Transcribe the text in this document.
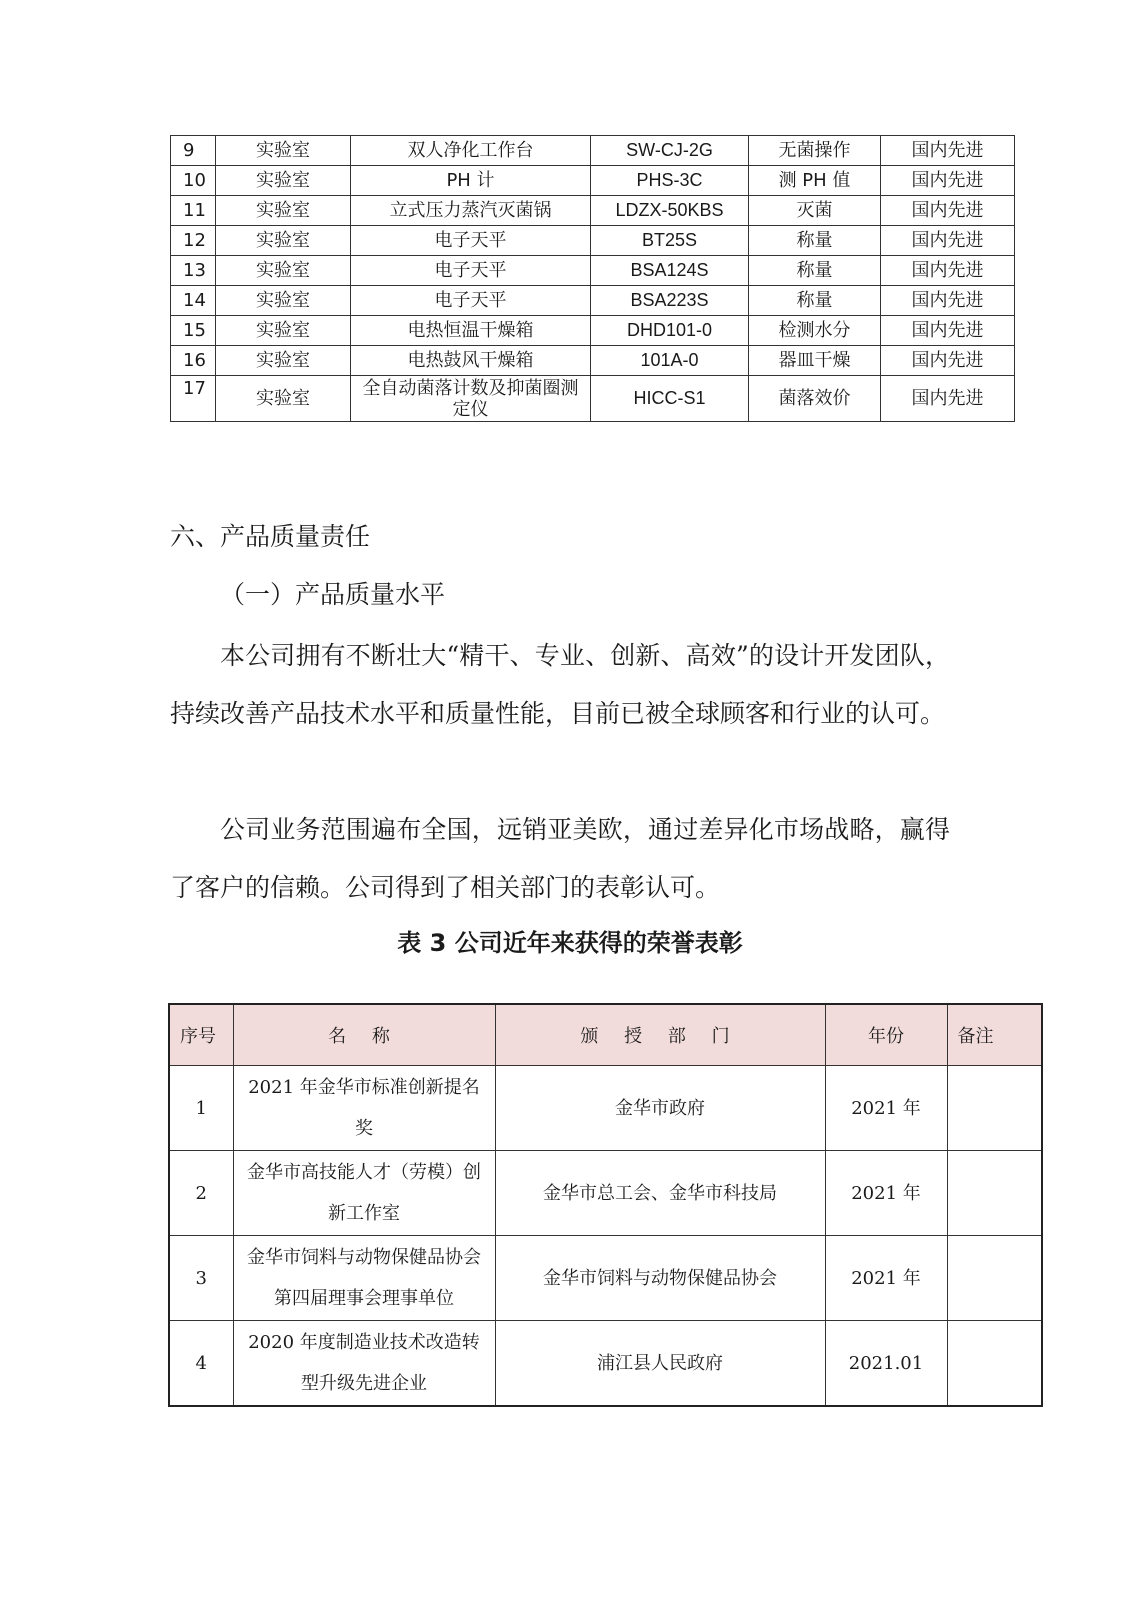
9	实验室	双人净化工作台	SW-CJ-2G	无菌操作	国内先进
10	实验室	PH 计	PHS-3C	测 PH 值	国内先进
11	实验室	立式压力蒸汽灭菌锅	LDZX-50KBS	灭菌	国内先进
12	实验室	电子天平	BT25S	称量	国内先进
13	实验室	电子天平	BSA124S	称量	国内先进
14	实验室	电子天平	BSA223S	称量	国内先进
15	实验室	电热恒温干燥箱	DHD101-0	检测水分	国内先进
16	实验室	电热鼓风干燥箱	101A-0	器皿干燥	国内先进
17	实验室	全自动菌落计数及抑菌圈测定仪	HICC-S1	菌落效价	国内先进
六、产品质量责任
（一）产品质量水平

本公司拥有不断壮大“精干、专业、创新、高效”的设计开发团队，持续改善产品技术水平和质量性能，目前已被全球顾客和行业的认可。

公司业务范围遍布全国，远销亚美欧，通过差异化市场战略，赢得了客户的信赖。公司得到了相关部门的表彰认可。

表 3 公司近年来获得的荣誉表彰
序号	名 称	颁 授 部 门	年份	备注
1	2021 年金华市标准创新提名奖	金华市政府	2021 年	
2	金华市高技能人才（劳模）创新工作室	金华市总工会、金华市科技局	2021 年	
3	金华市饲料与动物保健品协会第四届理事会理事单位	金华市饲料与动物保健品协会	2021 年	
4	2020 年度制造业技术改造转型升级先进企业	浦江县人民政府	2021.01	
